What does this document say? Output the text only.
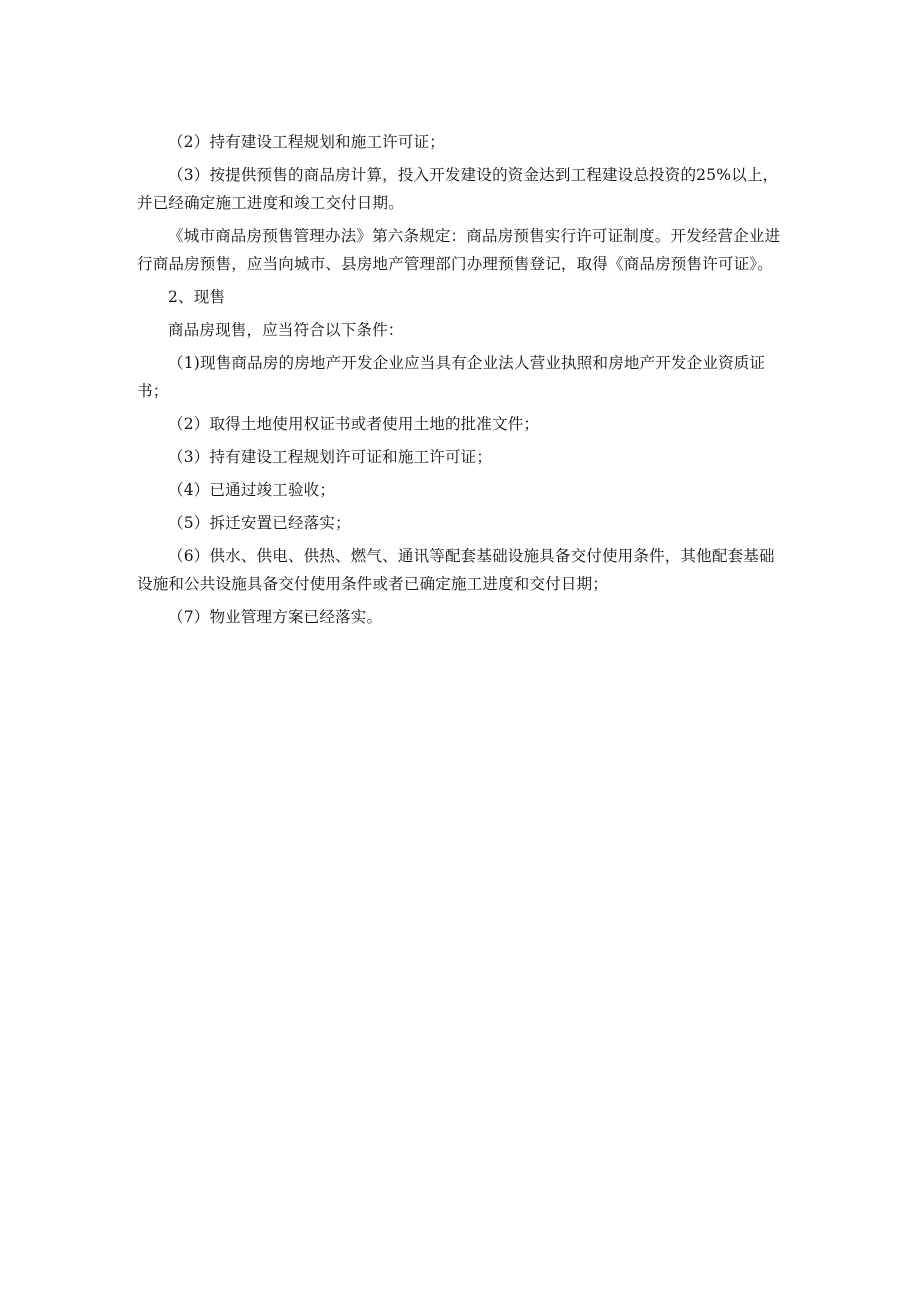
（2）持有建设工程规划和施工许可证；

（3）按提供预售的商品房计算，投入开发建设的资金达到工程建设总投资的25%以上，并已经确定施工进度和竣工交付日期。

《城市商品房预售管理办法》第六条规定：商品房预售实行许可证制度。开发经营企业进行商品房预售，应当向城市、县房地产管理部门办理预售登记，取得《商品房预售许可证》。

2、现售

商品房现售，应当符合以下条件：

（1)现售商品房的房地产开发企业应当具有企业法人营业执照和房地产开发企业资质证书；

（2）取得土地使用权证书或者使用土地的批准文件；

（3）持有建设工程规划许可证和施工许可证；

（4）已通过竣工验收；

（5）拆迁安置已经落实；

（6）供水、供电、供热、燃气、通讯等配套基础设施具备交付使用条件，其他配套基础设施和公共设施具备交付使用条件或者已确定施工进度和交付日期；

（7）物业管理方案已经落实。
